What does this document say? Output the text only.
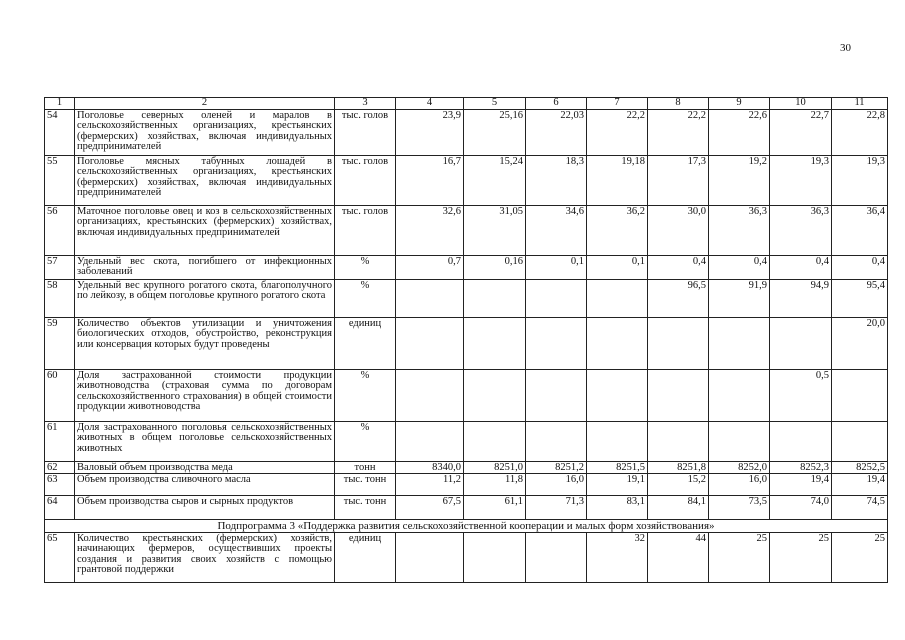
30
1	2	3	4	5	6	7	8	9	10	11
54	Поголовье северных оленей и маралов в сельскохозяйственных организациях, крестьянских (фермерских) хозяйствах, включая индивидуальных предпринимателей	тыс. голов	23,9	25,16	22,03	22,2	22,2	22,6	22,7	22,8
55	Поголовье мясных табунных лошадей в сельскохозяйственных организациях, крестьянских (фермерских) хозяйствах, включая индивидуальных предпринимателей	тыс. голов	16,7	15,24	18,3	19,18	17,3	19,2	19,3	19,3
56	Маточное поголовье овец и коз в сельскохозяйственных организациях, крестьянских (фермерских) хозяйствах, включая индивидуальных предпринимателей	тыс. голов	32,6	31,05	34,6	36,2	30,0	36,3	36,3	36,4
57	Удельный вес скота, погибшего от инфекционных заболеваний	%	0,7	0,16	0,1	0,1	0,4	0,4	0,4	0,4
58	Удельный вес крупного рогатого скота, благополучного по лейкозу, в общем поголовье крупного рогатого скота	%					96,5	91,9	94,9	95,4
59	Количество объектов утилизации и уничтожения биологических отходов, обустройство, реконструкция или консервация которых будут проведены	единиц								20,0
60	Доля застрахованной стоимости продукции животноводства (страховая сумма по договорам сельскохозяйственного страхования) в общей стоимости продукции животноводства	%							0,5	
61	Доля застрахованного поголовья сельскохозяйственных животных в общем поголовье сельскохозяйственных животных	%								
62	Валовый объем производства меда	тонн	8340,0	8251,0	8251,2	8251,5	8251,8	8252,0	8252,3	8252,5
63	Объем производства сливочного масла	тыс. тонн	11,2	11,8	16,0	19,1	15,2	16,0	19,4	19,4
64	Объем производства сыров и сырных продуктов	тыс. тонн	67,5	61,1	71,3	83,1	84,1	73,5	74,0	74,5
Подпрограмма 3 «Поддержка развития сельскохозяйственной кооперации и малых форм хозяйствования»										
65	Количество крестьянских (фермерских) хозяйств, начинающих фермеров, осуществивших проекты создания и развития своих хозяйств с помощью грантовой поддержки	единиц				32	44	25	25	25
